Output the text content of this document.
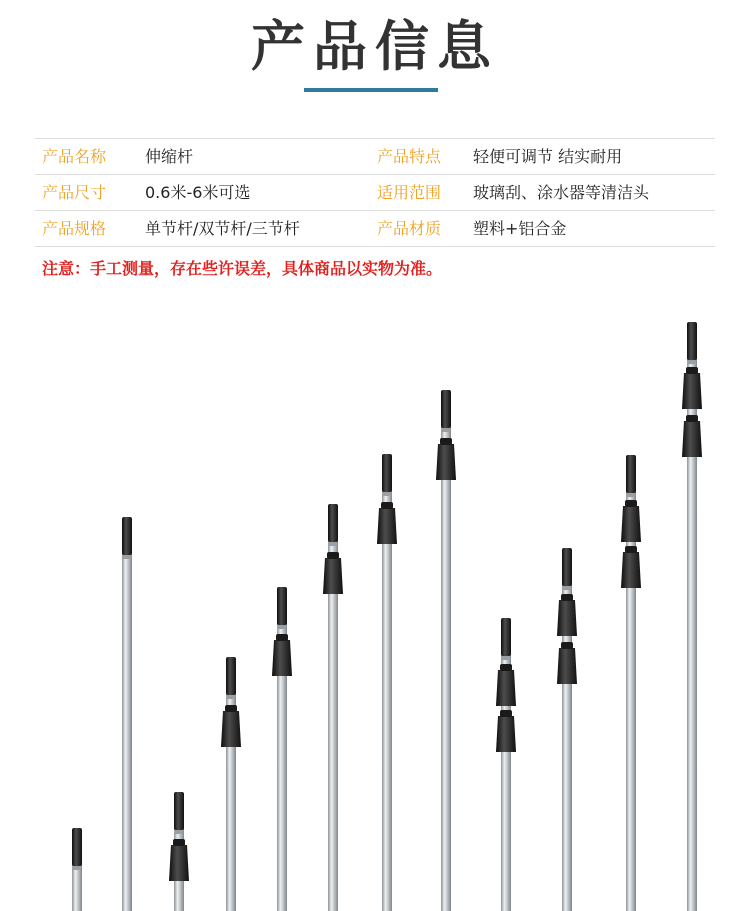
产品信息
产品名称 伸缩杆	产品特点 轻便可调节 结实耐用
产品尺寸 0.6米-6米可选	适用范围 玻璃刮、涂水器等清洁头
产品规格 单节杆/双节杆/三节杆	产品材质 塑料+铝合金
注意：手工测量，存在些许误差，具体商品以实物为准。
